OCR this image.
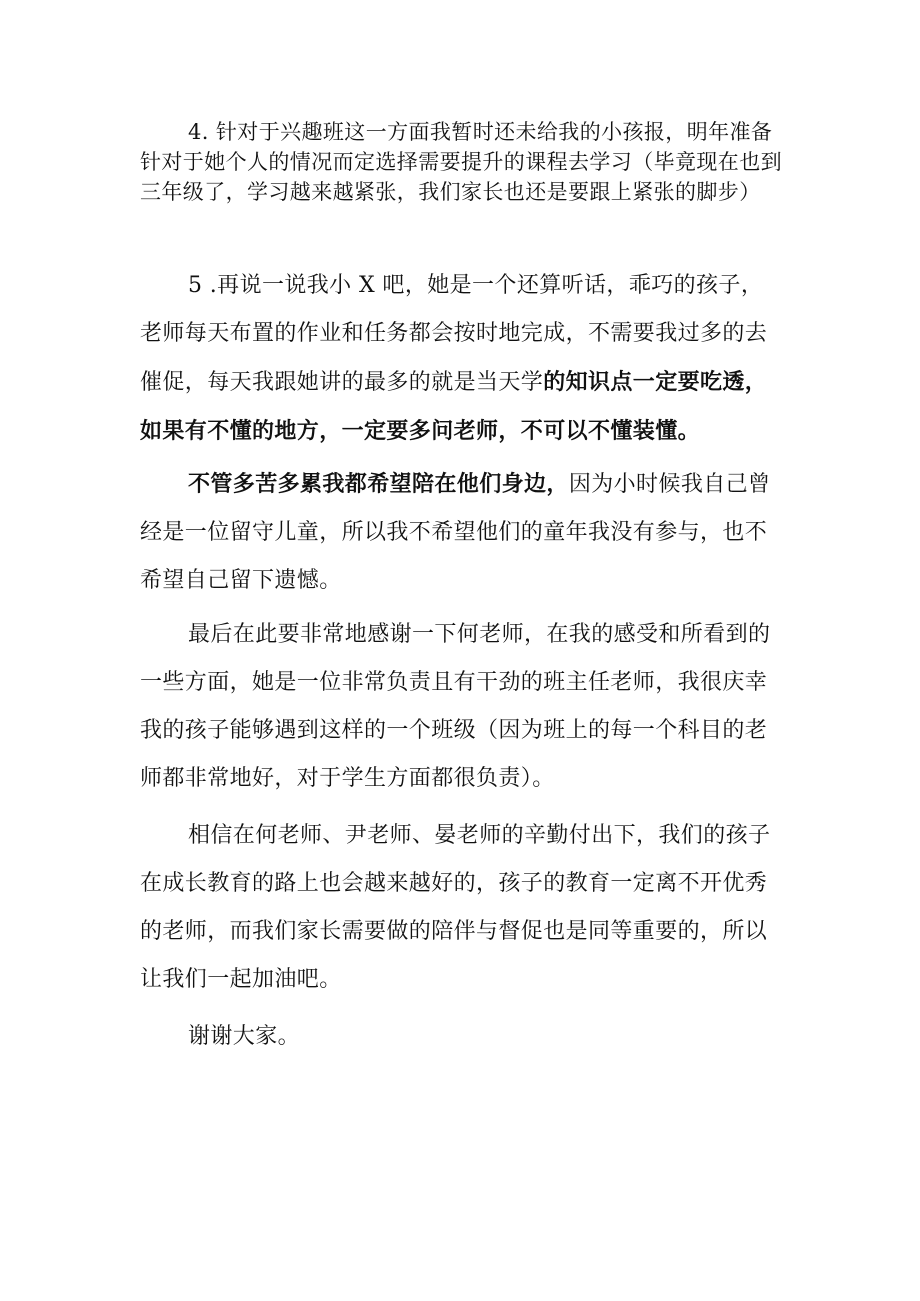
4. 针对于兴趣班这一方面我暂时还未给我的小孩报，明年准备针对于她个人的情况而定选择需要提升的课程去学习（毕竟现在也到三年级了，学习越来越紧张，我们家长也还是要跟上紧张的脚步）

5 .再说一说我小 X 吧，她是一个还算听话，乖巧的孩子，老师每天布置的作业和任务都会按时地完成，不需要我过多的去催促，每天我跟她讲的最多的就是当天学的知识点一定要吃透，如果有不懂的地方，一定要多问老师，不可以不懂装懂。

不管多苦多累我都希望陪在他们身边，因为小时候我自己曾经是一位留守儿童，所以我不希望他们的童年我没有参与，也不希望自己留下遗憾。

最后在此要非常地感谢一下何老师，在我的感受和所看到的一些方面，她是一位非常负责且有干劲的班主任老师，我很庆幸我的孩子能够遇到这样的一个班级（因为班上的每一个科目的老师都非常地好，对于学生方面都很负责）。

相信在何老师、尹老师、晏老师的辛勤付出下，我们的孩子在成长教育的路上也会越来越好的，孩子的教育一定离不开优秀的老师，而我们家长需要做的陪伴与督促也是同等重要的，所以让我们一起加油吧。

谢谢大家。
